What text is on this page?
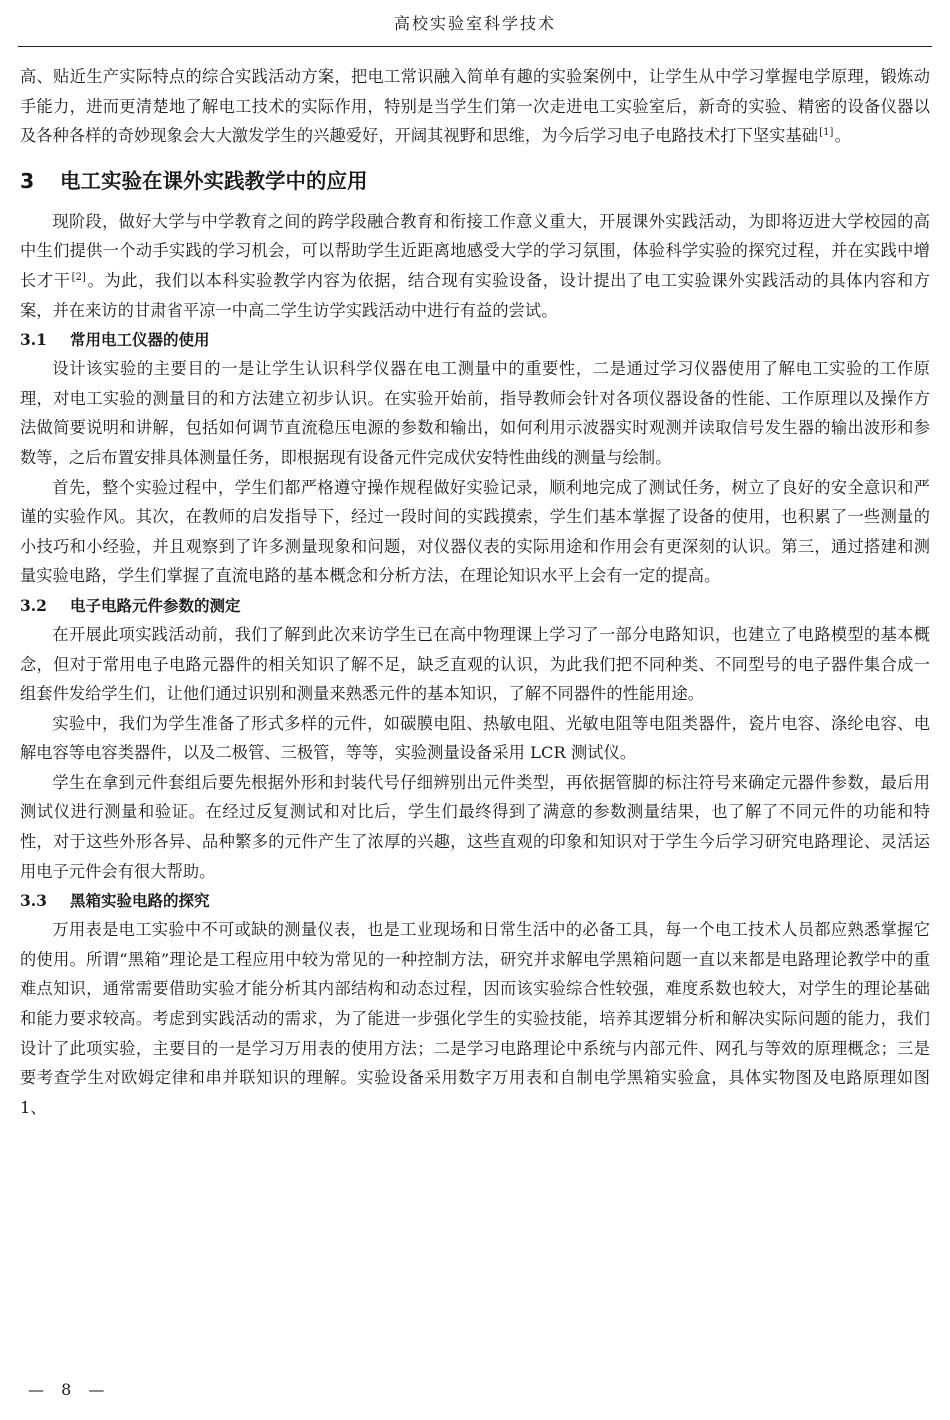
高校实验室科学技术

高、贴近生产实际特点的综合实践活动方案，把电工常识融入简单有趣的实验案例中，让学生从中学习掌握电学原理，锻炼动手能力，进而更清楚地了解电工技术的实际作用，特别是当学生们第一次走进电工实验室后，新奇的实验、精密的设备仪器以及各种各样的奇妙现象会大大激发学生的兴趣爱好，开阔其视野和思维，为今后学习电子电路技术打下坚实基础[1]。

3 电工实验在课外实践教学中的应用

现阶段，做好大学与中学教育之间的跨学段融合教育和衔接工作意义重大，开展课外实践活动，为即将迈进大学校园的高中生们提供一个动手实践的学习机会，可以帮助学生近距离地感受大学的学习氛围，体验科学实验的探究过程，并在实践中增长才干[2]。为此，我们以本科实验教学内容为依据，结合现有实验设备，设计提出了电工实验课外实践活动的具体内容和方案，并在来访的甘肃省平凉一中高二学生访学实践活动中进行有益的尝试。

3.1 常用电工仪器的使用

设计该实验的主要目的一是让学生认识科学仪器在电工测量中的重要性，二是通过学习仪器使用了解电工实验的工作原理，对电工实验的测量目的和方法建立初步认识。在实验开始前，指导教师会针对各项仪器设备的性能、工作原理以及操作方法做简要说明和讲解，包括如何调节直流稳压电源的参数和输出，如何利用示波器实时观测并读取信号发生器的输出波形和参数等，之后布置安排具体测量任务，即根据现有设备元件完成伏安特性曲线的测量与绘制。

首先，整个实验过程中，学生们都严格遵守操作规程做好实验记录，顺利地完成了测试任务，树立了良好的安全意识和严谨的实验作风。其次，在教师的启发指导下，经过一段时间的实践摸索，学生们基本掌握了设备的使用，也积累了一些测量的小技巧和小经验，并且观察到了许多测量现象和问题，对仪器仪表的实际用途和作用会有更深刻的认识。第三，通过搭建和测量实验电路，学生们掌握了直流电路的基本概念和分析方法，在理论知识水平上会有一定的提高。

3.2 电子电路元件参数的测定

在开展此项实践活动前，我们了解到此次来访学生已在高中物理课上学习了一部分电路知识，也建立了电路模型的基本概念，但对于常用电子电路元器件的相关知识了解不足，缺乏直观的认识，为此我们把不同种类、不同型号的电子器件集合成一组套件发给学生们，让他们通过识别和测量来熟悉元件的基本知识，了解不同器件的性能用途。

实验中，我们为学生准备了形式多样的元件，如碳膜电阻、热敏电阻、光敏电阻等电阻类器件，瓷片电容、涤纶电容、电解电容等电容类器件，以及二极管、三极管，等等，实验测量设备采用 LCR 测试仪。

学生在拿到元件套组后要先根据外形和封装代号仔细辨别出元件类型，再依据管脚的标注符号来确定元器件参数，最后用测试仪进行测量和验证。在经过反复测试和对比后，学生们最终得到了满意的参数测量结果，也了解了不同元件的功能和特性，对于这些外形各异、品种繁多的元件产生了浓厚的兴趣，这些直观的印象和知识对于学生今后学习研究电路理论、灵活运用电子元件会有很大帮助。

3.3 黑箱实验电路的探究

万用表是电工实验中不可或缺的测量仪表，也是工业现场和日常生活中的必备工具，每一个电工技术人员都应熟悉掌握它的使用。所谓“黑箱”理论是工程应用中较为常见的一种控制方法，研究并求解电学黑箱问题一直以来都是电路理论教学中的重难点知识，通常需要借助实验才能分析其内部结构和动态过程，因而该实验综合性较强，难度系数也较大，对学生的理论基础和能力要求较高。考虑到实践活动的需求，为了能进一步强化学生的实验技能，培养其逻辑分析和解决实际问题的能力，我们设计了此项实验，主要目的一是学习万用表的使用方法；二是学习电路理论中系统与内部元件、网孔与等效的原理概念；三是要考查学生对欧姆定律和串并联知识的理解。实验设备采用数字万用表和自制电学黑箱实验盒，具体实物图及电路原理如图 1、

— 8 —
